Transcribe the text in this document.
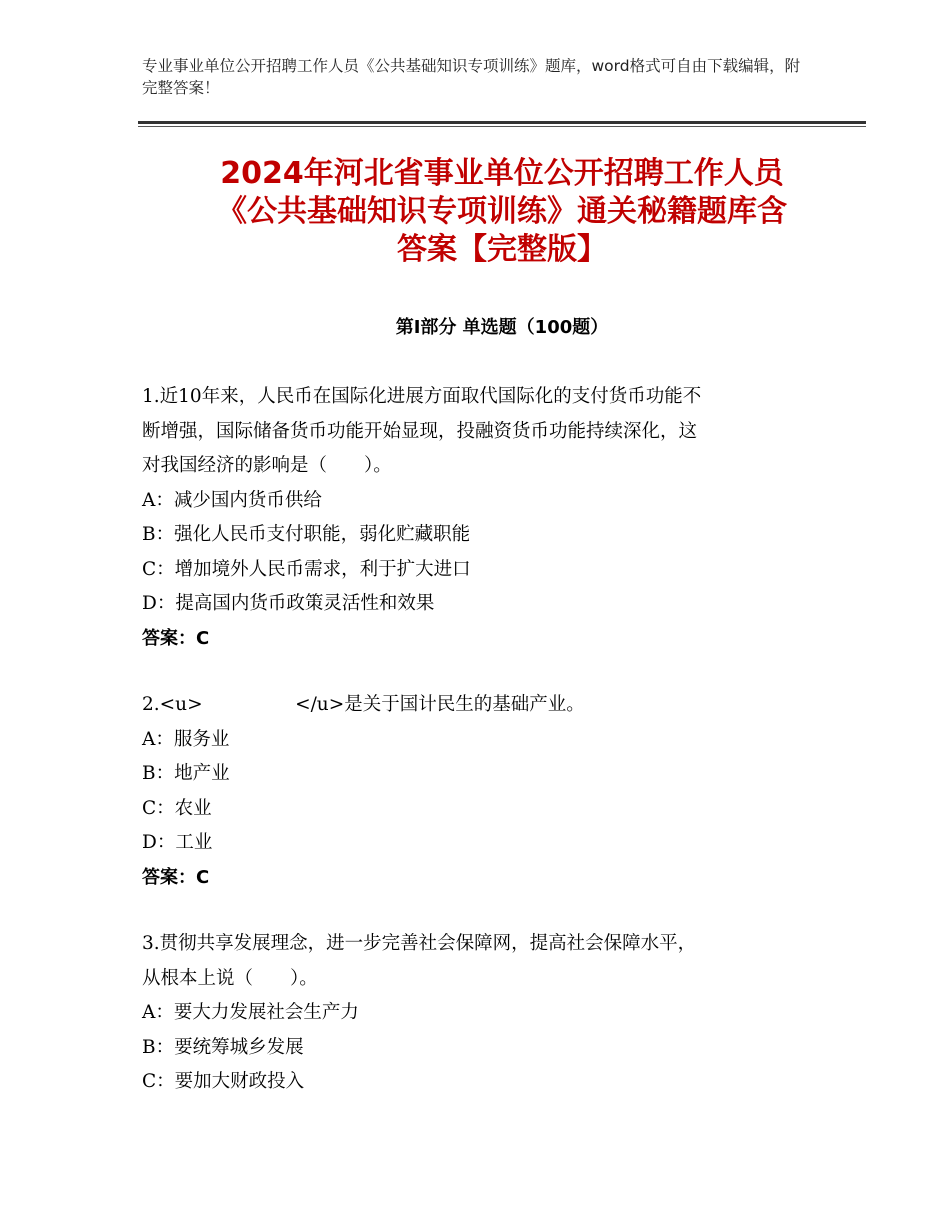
专业事业单位公开招聘工作人员《公共基础知识专项训练》题库，word格式可自由下载编辑，附完整答案！
2024年河北省事业单位公开招聘工作人员
《公共基础知识专项训练》通关秘籍题库含
答案【完整版】
第Ⅰ部分 单选题（100题）
1.近10年来，人民币在国际化进展方面取代国际化的支付货币功能不
断增强，国际储备货币功能开始显现，投融资货币功能持续深化，这
对我国经济的影响是（　　）。
A：减少国内货币供给
B：强化人民币支付职能，弱化贮藏职能
C：增加境外人民币需求，利于扩大进口
D：提高国内货币政策灵活性和效果
答案：C
2.<u>　　　　　</u>是关于国计民生的基础产业。
A：服务业
B：地产业
C：农业
D：工业
答案：C
3.贯彻共享发展理念，进一步完善社会保障网，提高社会保障水平，
从根本上说（　　）。
A：要大力发展社会生产力
B：要统筹城乡发展
C：要加大财政投入
